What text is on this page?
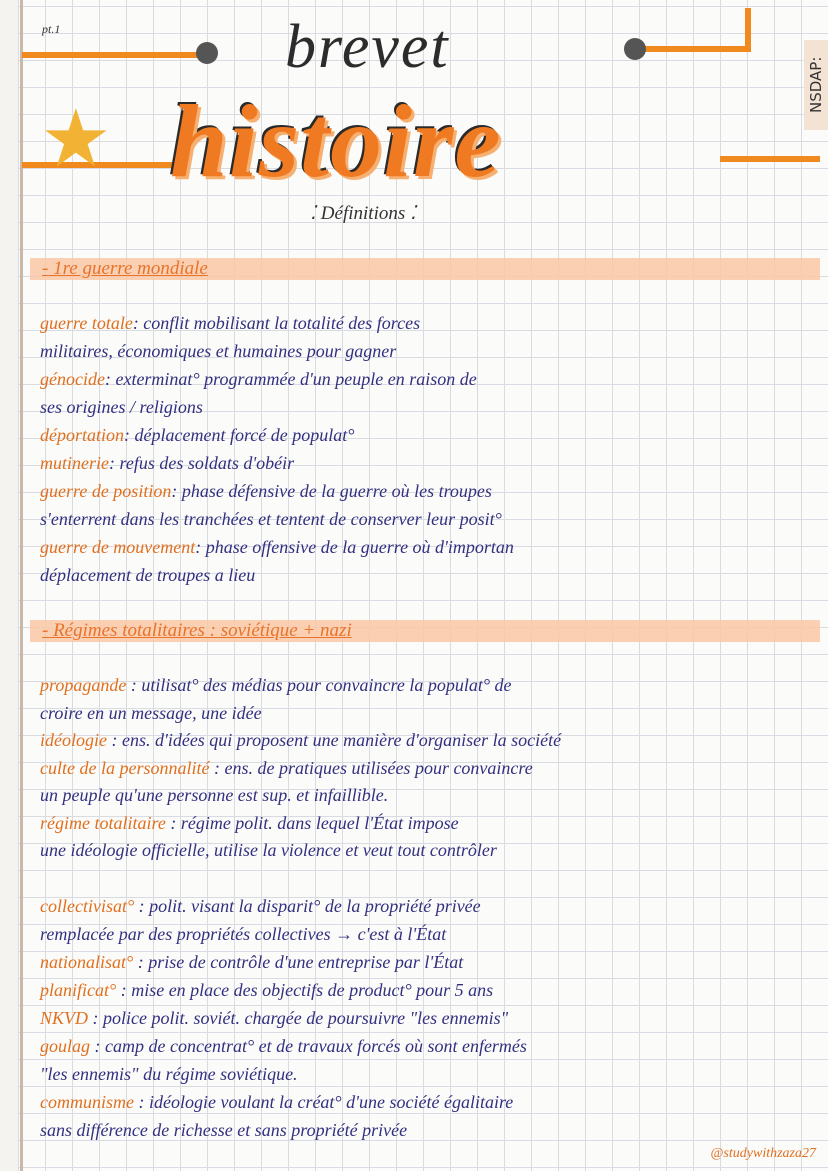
pt.1	brevet
★ histoire	NSDAP:
⁚ Définitions ⁚
- 1re guerre mondiale
guerre totale: conflit mobilisant la totalité des forces
militaires, économiques et humaines pour gagner
génocide: exterminat° programmée d'un peuple en raison de
ses origines / religions
déportation: déplacement forcé de populat°
mutinerie: refus des soldats d'obéir
guerre de position: phase défensive de la guerre où les troupes
s'enterrent dans les tranchées et tentent de conserver leur posit°
guerre de mouvement: phase offensive de la guerre où d'importan
déplacement de troupes a lieu
- Régimes totalitaires : soviétique + nazi
propagande : utilisat° des médias pour convaincre la populat° de
croire en un message, une idée
idéologie : ens. d'idées qui proposent une manière d'organiser la société
culte de la personnalité : ens. de pratiques utilisées pour convaincre
un peuple qu'une personne est sup. et infaillible.
régime totalitaire : régime polit. dans lequel l'État impose
une idéologie officielle, utilise la violence et veut tout contrôler
collectivisat° : polit. visant la disparit° de la propriété privée
remplacée par des propriétés collectives → c'est à l'État
nationalisat° : prise de contrôle d'une entreprise par l'État
planificat° : mise en place des objectifs de product° pour 5 ans
NKVD : police polit. soviét. chargée de poursuivre "les ennemis"
goulag : camp de concentrat° et de travaux forcés où sont enfermés
"les ennemis" du régime soviétique.
communisme : idéologie voulant la créat° d'une société égalitaire
sans différence de richesse et sans propriété privée
@studywithzaza27
